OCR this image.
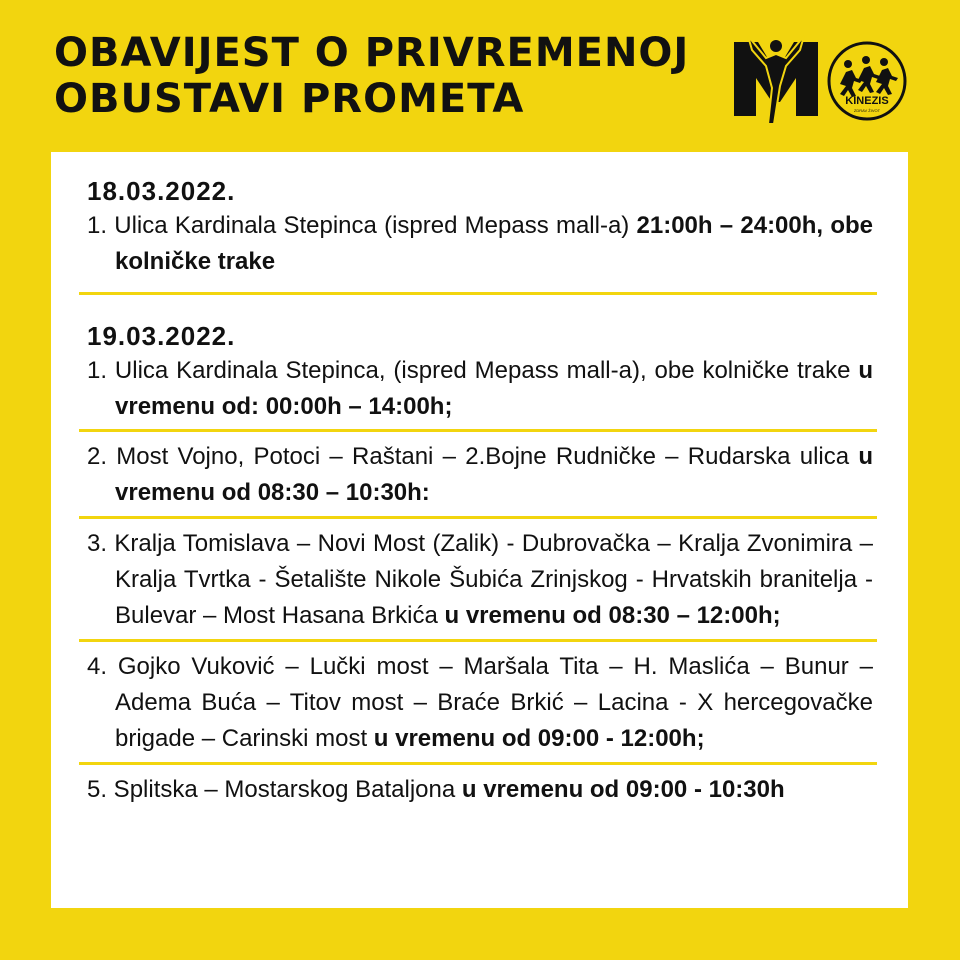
OBAVIJEST O PRIVREMENOJ
OBUSTAVI PROMETA	KINEZIS
ZDRAV ŽIVOT

18.03.2022.

1. Ulica Kardinala Stepinca (ispred Mepass mall-a) 21:00h – 24:00h, obe kolničke trake

19.03.2022.

1. Ulica Kardinala Stepinca, (ispred Mepass mall-a), obe kolničke trake u vremenu od: 00:00h – 14:00h;

2. Most Vojno, Potoci – Raštani – 2.Bojne Rudničke – Rudarska ulica u vremenu od 08:30 – 10:30h:

3. Kralja Tomislava – Novi Most (Zalik) - Dubrovačka – Kralja Zvonimira – Kralja Tvrtka - Šetalište Nikole Šubića Zrinjskog - Hrvatskih branitelja - Bulevar – Most Hasana Brkića u vremenu od 08:30 – 12:00h;

4. Gojko Vuković – Lučki most – Maršala Tita – H. Maslića – Bunur – Adema Buća – Titov most – Braće Brkić – Lacina - X hercegovačke brigade – Carinski most u vremenu od 09:00 - 12:00h;

5. Splitska – Mostarskog Bataljona u vremenu od 09:00 - 10:30h
